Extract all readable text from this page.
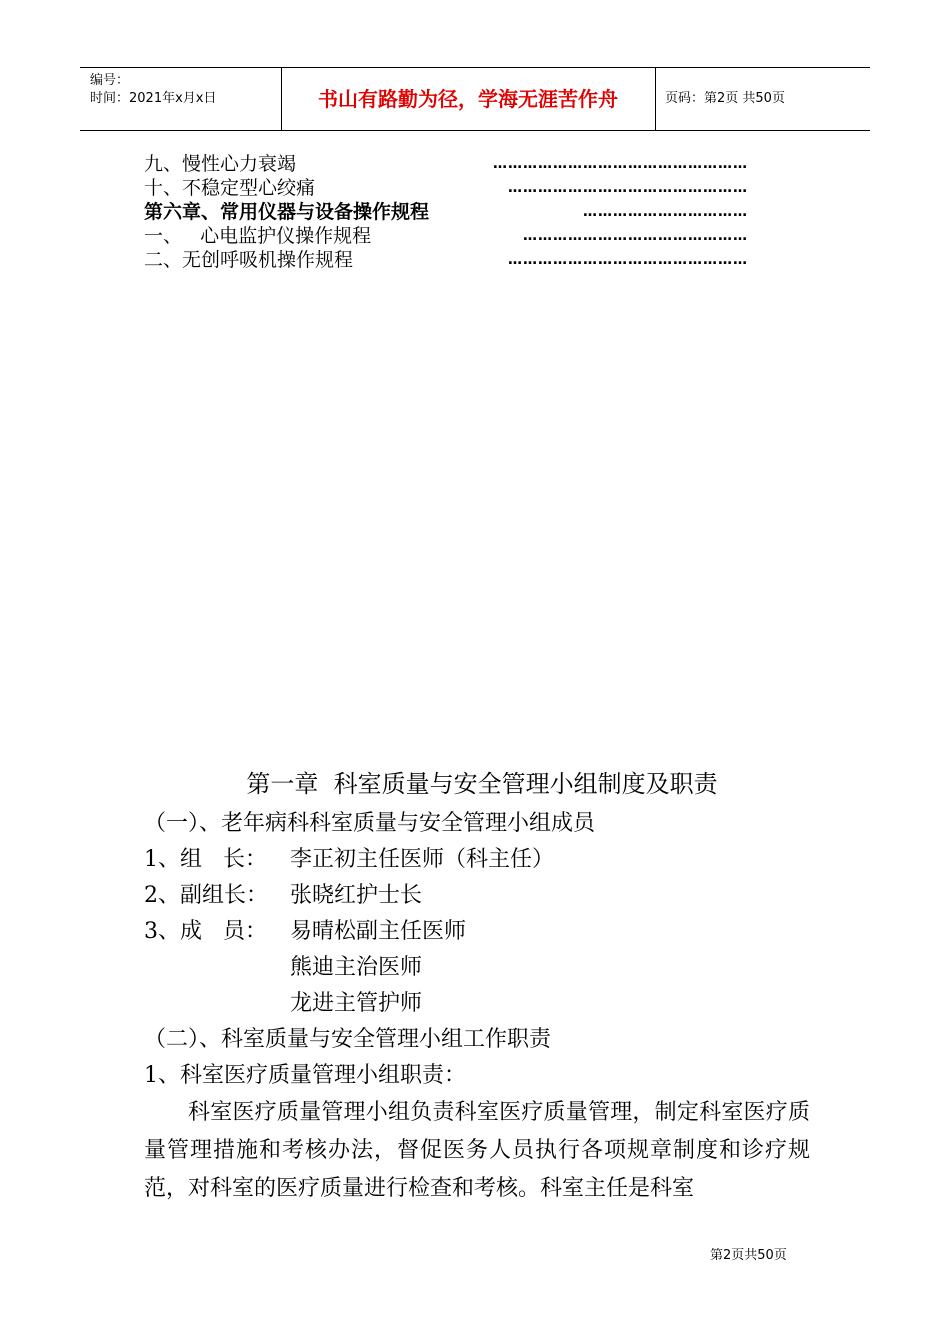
编号：
时间：2021年x月x日	书山有路勤为径，学海无涯苦作舟	页码：第2页 共50页
九、慢性心力衰竭	……………………………………………
十、不稳定型心绞痛	…………………………………………
第六章、常用仪器与设备操作规程	……………………………
一、   心电监护仪操作规程	………………………………………
二、无创呼吸机操作规程	…………………………………………
第一章  科室质量与安全管理小组制度及职责
（一）、老年病科科室质量与安全管理小组成员
1、组   长： 李正初主任医师（科主任）
2、副组长： 张晓红护士长
3、成   员： 易晴松副主任医师
熊迪主治医师
龙进主管护师
（二）、科室质量与安全管理小组工作职责
1、科室医疗质量管理小组职责：

科室医疗质量管理小组负责科室医疗质量管理，制定科室医疗质量管理措施和考核办法，督促医务人员执行各项规章制度和诊疗规范，对科室的医疗质量进行检查和考核。科室主任是科室

第2页共50页
